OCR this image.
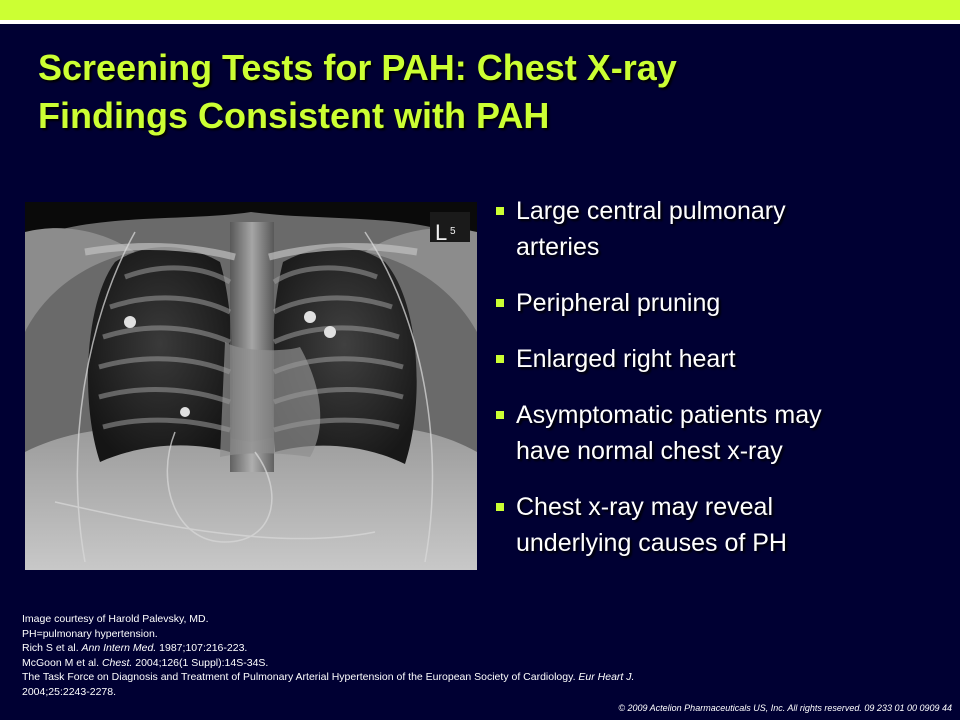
Screening Tests for PAH: Chest X-ray
Findings Consistent with PAH
L 5
Large central pulmonary
arteries
Peripheral pruning
Enlarged right heart
Asymptomatic patients may
have normal chest x-ray
Chest x-ray may reveal
underlying causes of PH
Image courtesy of Harold Palevsky, MD.
PH=pulmonary hypertension.
Rich S et al. Ann Intern Med. 1987;107:216-223.
McGoon M et al. Chest. 2004;126(1 Suppl):14S-34S.
The Task Force on Diagnosis and Treatment of Pulmonary Arterial Hypertension of the European Society of Cardiology. Eur Heart J.
2004;25:2243-2278.
© 2009 Actelion Pharmaceuticals US, Inc. All rights reserved. 09 233 01 00 0909 44
